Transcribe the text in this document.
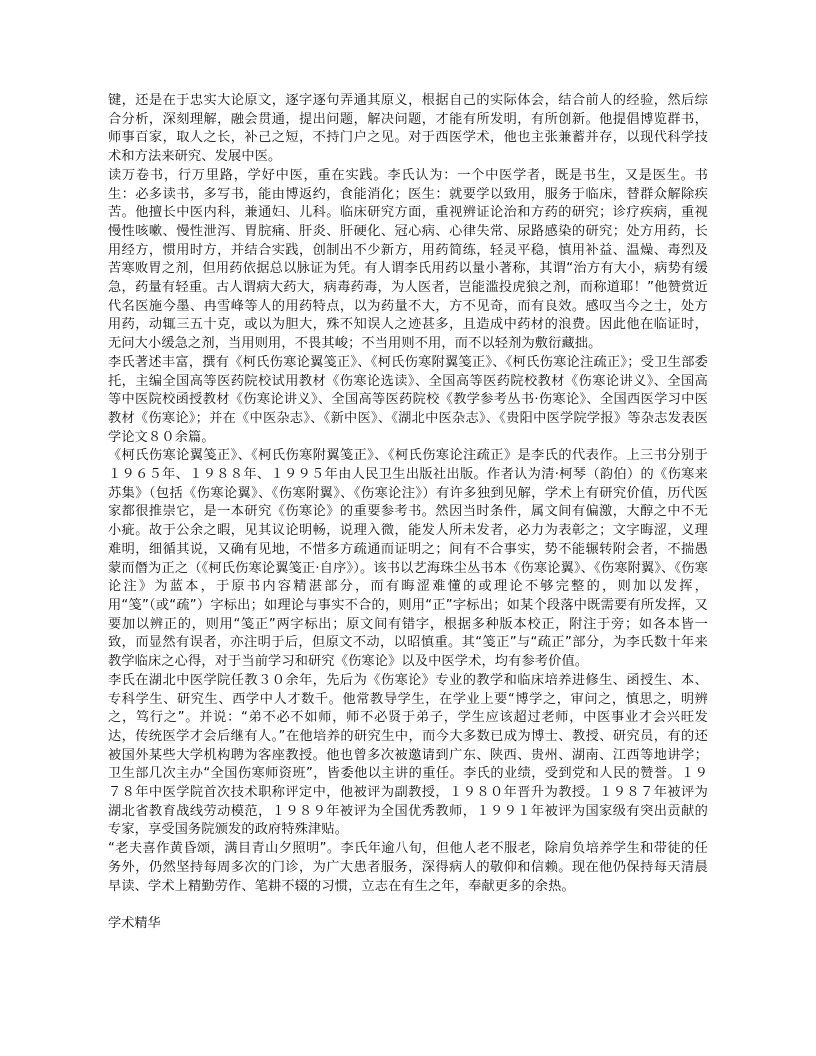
键，还是在于忠实大论原文，逐字逐句弄通其原义，根据自己的实际体会，结合前人的经验，然后综合分析，深刻理解，融会贯通，提出问题，解决问题，才能有所发明，有所创新。他提倡博览群书，师事百家，取人之长，补己之短，不持门户之见。对于西医学术，他也主张兼蓄并存，以现代科学技术和方法来研究、发展中医。

读万卷书，行万里路，学好中医，重在实践。李氏认为：一个中医学者，既是书生，又是医生。书生：必多读书，多写书，能由博返约，食能消化；医生：就要学以致用，服务于临床，替群众解除疾苦。他擅长中医内科，兼通妇、儿科。临床研究方面，重视辨证论治和方药的研究；诊疗疾病，重视慢性咳嗽、慢性泄泻、胃脘痛、肝炎、肝硬化、冠心病、心律失常、尿路感染的研究；处方用药，长用经方，惯用时方，并结合实践，创制出不少新方，用药简练，轻灵平稳，慎用补益、温燥、毒烈及苦寒败胃之剂，但用药依据总以脉证为凭。有人谓李氏用药以量小著称，其谓“治方有大小，病势有缓急，药量有轻重。古人谓病大药大，病毒药毒，为人医者，岂能滥投虎狼之剂，而称道耶！”他赞赏近代名医施今墨、冉雪峰等人的用药特点，以为药量不大，方不见奇，而有良效。感叹当今之士，处方用药，动辄三五十克，或以为胆大，殊不知误人之迹甚多，且造成中药材的浪费。因此他在临证时，无问大小缓急之剂，当用则用，不畏其峻；不当用则不用，而不以轻剂为敷衍藏拙。

李氏著述丰富，撰有《柯氏伤寒论翼笺正》、《柯氏伤寒附翼笺正》、《柯氏伤寒论注疏正》；受卫生部委托，主编全国高等医药院校试用教材《伤寒论选读》、全国高等医药院校教材《伤寒论讲义》、全国高等中医院校函授教材《伤寒论讲义》、全国高等医药院校《教学参考丛书·伤寒论》、全国西医学习中医教材《伤寒论》；并在《中医杂志》、《新中医》、《湖北中医杂志》、《贵阳中医学院学报》等杂志发表医学论文８０余篇。

《柯氏伤寒论翼笺正》、《柯氏伤寒附翼笺正》、《柯氏伤寒论注疏正》是李氏的代表作。上三书分别于１９６５年、１９８８年、１９９５年由人民卫生出版社出版。作者认为清·柯琴（韵伯）的《伤寒来苏集》（包括《伤寒论翼》、《伤寒附翼》、《伤寒论注》）有许多独到见解，学术上有研究价值，历代医家都很推崇它，是一本研究《伤寒论》的重要参考书。然因当时条件，属文间有偏激，大醇之中不无小疵。故于公余之暇，见其议论明畅，说理入微，能发人所未发者，必力为表彰之；文字晦涩，义理难明，细循其说，又确有见地，不惜多方疏通而证明之；间有不合事实，势不能辗转附会者，不揣愚蒙而僭为正之（《柯氏伤寒论翼笺正·自序》）。该书以艺海珠尘丛书本《伤寒论翼》、《伤寒附翼》、《伤寒论注》为蓝本，于原书内容精湛部分，而有晦涩难懂的或理论不够完整的，则加以发挥，用“笺”（或“疏”）字标出；如理论与事实不合的，则用“正”字标出；如某个段落中既需要有所发挥，又要加以辨正的，则用“笺正”两字标出；原文间有错字，根据多种版本校正，附注于旁；如各本皆一致，而显然有误者，亦注明于后，但原文不动，以昭慎重。其“笺正”与“疏正”部分，为李氏数十年来教学临床之心得，对于当前学习和研究《伤寒论》以及中医学术，均有参考价值。

李氏在湖北中医学院任教３０余年，先后为《伤寒论》专业的教学和临床培养进修生、函授生、本、专科学生、研究生、西学中人才数千。他常教导学生，在学业上要“博学之，审问之，慎思之，明辨之，笃行之”。并说：“弟不必不如师，师不必贤于弟子，学生应该超过老师，中医事业才会兴旺发达，传统医学才会后继有人。”在他培养的研究生中，而今大多数已成为博士、教授、研究员，有的还被国外某些大学机构聘为客座教授。他也曾多次被邀请到广东、陕西、贵州、湖南、江西等地讲学；卫生部几次主办“全国伤寒师资班”，皆委他以主讲的重任。李氏的业绩，受到党和人民的赞誉。１９７８年中医学院首次技术职称评定中，他被评为副教授，１９８０年晋升为教授。１９８７年被评为湖北省教育战线劳动模范，１９８９年被评为全国优秀教师，１９９１年被评为国家级有突出贡献的专家，享受国务院颁发的政府特殊津贴。

“老夫喜作黄昏颂，满目青山夕照明”。李氏年逾八旬，但他人老不服老，除肩负培养学生和带徒的任务外，仍然坚持每周多次的门诊，为广大患者服务，深得病人的敬仰和信赖。现在他仍保持每天清晨早读、学术上精勤劳作、笔耕不辍的习惯，立志在有生之年，奉献更多的余热。

学术精华
